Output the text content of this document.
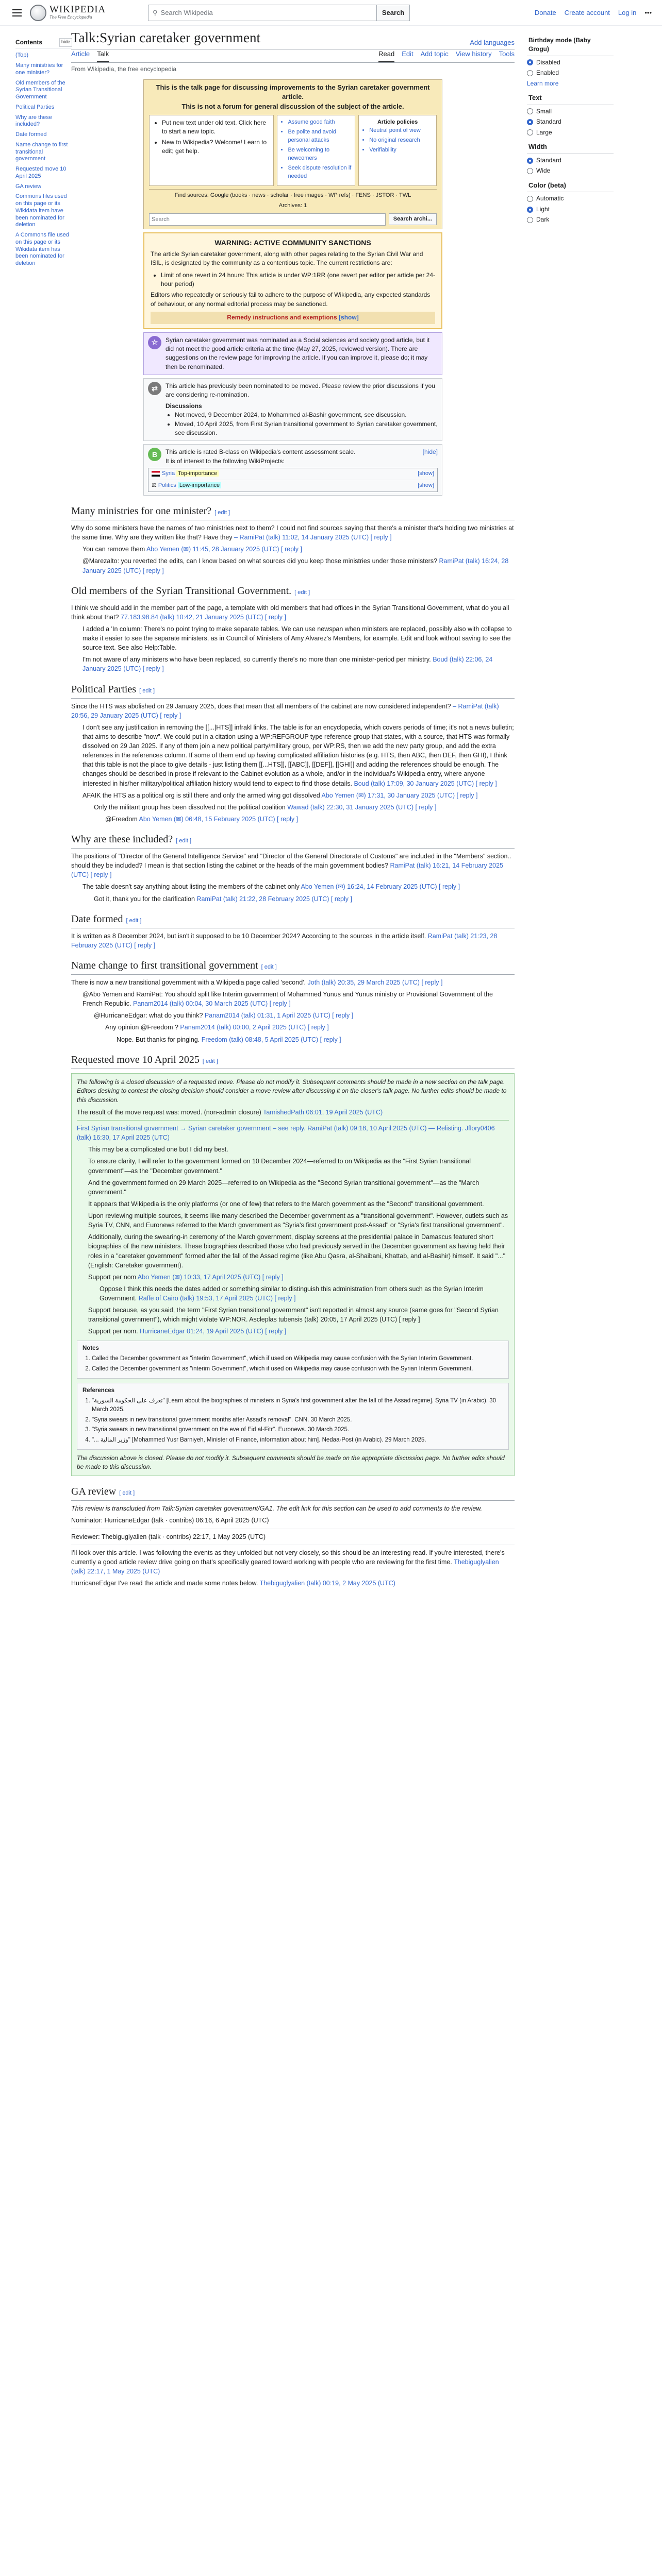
WIKIPEDIA
The Free Encyclopedia
⚲ Search Wikipedia	Search	Donate Create account Log in •••
Contents	hide
(Top)
Many ministries for one minister?
Old members of the Syrian Transitional Government
Political Parties
Why are these included?
Date formed
Name change to first transitional government
Requested move 10 April 2025
GA review
Commons files used on this page or its Wikidata item have been nominated for deletion
A Commons file used on this page or its Wikidata item has been nominated for deletion
Talk:Syrian caretaker government	Add languages
Article Talk	Read Edit Add topic View history Tools
From Wikipedia, the free encyclopedia
This is the talk page for discussing improvements to the Syrian caretaker government article.
This is not a forum for general discussion of the subject of the article.
• Put new text under old text. Click here to start a new topic.
• New to Wikipedia? Welcome! Learn to edit; get help.
• Assume good faith
• Be polite and avoid personal attacks
• Be welcoming to newcomers
• Seek dispute resolution if needed
Article policies
• Neutral point of view
• No original research
• Verifiability
Find sources: Google (books · news · scholar · free images · WP refs) · FENS · JSTOR · TWL
Archives: 1
Search	Search archi...
WARNING: ACTIVE COMMUNITY SANCTIONS

The article Syrian caretaker government, along with other pages relating to the Syrian Civil War and ISIL, is designated by the community as a contentious topic. The current restrictions are:

• Limit of one revert in 24 hours: This article is under WP:1RR (one revert per editor per article per 24-hour period)

Editors who repeatedly or seriously fail to adhere to the purpose of Wikipedia, any expected standards of behaviour, or any normal editorial process may be sanctioned.

Remedy instructions and exemptions [show]
☆	Syrian caretaker government was nominated as a Social sciences and society good article, but it did not meet the good article criteria at the time (May 27, 2025, reviewed version). There are suggestions on the review page for improving the article. If you can improve it, please do; it may then be renominated.
⇄	This article has previously been nominated to be moved. Please review the prior discussions if you are considering re-nomination.
Discussions
• Not moved, 9 December 2024, to Mohammed al-Bashir government, see discussion.
• Moved, 10 April 2025, from First Syrian transitional government to Syrian caretaker government, see discussion.
B	This article is rated B-class on Wikipedia's content assessment scale.
It is of interest to the following WikiProjects:
[hide]
Syria Top-importance	[show]
⚖ Politics Low-importance	[show]
Many ministries for one minister? [ edit ]
Why do some ministers have the names of two ministries next to them? I could not find sources saying that there's a minister that's holding two ministries at the same time. Why are they written like that? Have they – RamiPat (talk) 11:02, 14 January 2025 (UTC) [ reply ]
You can remove them Abo Yemen (✉) 11:45, 28 January 2025 (UTC) [ reply ]
@Marezalto: you reverted the edits, can I know based on what sources did you keep those ministries under those ministers? RamiPat (talk) 16:24, 28 January 2025 (UTC) [ reply ]
Old members of the Syrian Transitional Government. [ edit ]
I think we should add in the member part of the page, a template with old members that had offices in the Syrian Transitional Government, what do you all think about that? 77.183.98.84 (talk) 10:42, 21 January 2025 (UTC) [ reply ]
I added a 'In column: There's no point trying to make separate tables. We can use newspan when ministers are replaced, possibly also with collapse to make it easier to see the separate ministers, as in Council of Ministers of Amy Alvarez's Members, for example. Edit and look without saving to see the source text. See also Help:Table.
I'm not aware of any ministers who have been replaced, so currently there's no more than one minister-period per ministry. Boud (talk) 22:06, 24 January 2025 (UTC) [ reply ]
Political Parties [ edit ]
Since the HTS was abolished on 29 January 2025, does that mean that all members of the cabinet are now considered independent? – RamiPat (talk) 20:56, 29 January 2025 (UTC) [ reply ]
I don't see any justification in removing the [[...|HTS]] infrakl links. The table is for an encyclopedia, which covers periods of time; it's not a news bulletin; that aims to describe "now". We could put in a citation using a WP:REFGROUP type reference group that states, with a source, that HTS was formally dissolved on 29 Jan 2025. If any of them join a new political party/military group, per WP:RS, then we add the new party group, and add the extra references in the references column. If some of them end up having complicated affiliation histories (e.g. HTS, then ABC, then DEF, then GHI), I think that this table is not the place to give details - just listing them [[...HTS]], [[ABC]], [[DEF]], [[GHI]] and adding the references should be enough. The changes should be described in prose if relevant to the Cabinet evolution as a whole, and/or in the individual's Wikipedia entry, where anyone interested in his/her military/political affiliation history would tend to expect to find those details. Boud (talk) 17:09, 30 January 2025 (UTC) [ reply ]
AFAIK the HTS as a political org is still there and only the armed wing got dissolved Abo Yemen (✉) 17:31, 30 January 2025 (UTC) [ reply ]
Only the militant group has been dissolved not the political coalition Wawad (talk) 22:30, 31 January 2025 (UTC) [ reply ]
@Freedom Abo Yemen (✉) 06:48, 15 February 2025 (UTC) [ reply ]
Why are these included? [ edit ]
The positions of "Director of the General Intelligence Service" and "Director of the General Directorate of Customs" are included in the "Members" section.. should they be included? I mean is that section listing the cabinet or the heads of the main government bodies? RamiPat (talk) 16:21, 14 February 2025 (UTC) [ reply ]
The table doesn't say anything about listing the members of the cabinet only Abo Yemen (✉) 16:24, 14 February 2025 (UTC) [ reply ]
Got it, thank you for the clarification RamiPat (talk) 21:22, 28 February 2025 (UTC) [ reply ]
Date formed [ edit ]
It is written as 8 December 2024, but isn't it supposed to be 10 December 2024? According to the sources in the article itself. RamiPat (talk) 21:23, 28 February 2025 (UTC) [ reply ]
Name change to first transitional government [ edit ]
There is now a new transitional government with a Wikipedia page called 'second'. Joth (talk) 20:35, 29 March 2025 (UTC) [ reply ]
@Abo Yemen and RamiPat: You should split like Interim government of Mohammed Yunus and Yunus ministry or Provisional Government of the French Republic. Panam2014 (talk) 00:04, 30 March 2025 (UTC) [ reply ]
@HurricaneEdgar: what do you think? Panam2014 (talk) 01:31, 1 April 2025 (UTC) [ reply ]
Any opinion @Freedom ? Panam2014 (talk) 00:00, 2 April 2025 (UTC) [ reply ]
Nope. But thanks for pinging. Freedom (talk) 08:48, 5 April 2025 (UTC) [ reply ]
Requested move 10 April 2025 [ edit ]
The following is a closed discussion of a requested move. Please do not modify it. Subsequent comments should be made in a new section on the talk page. Editors desiring to contest the closing decision should consider a move review after discussing it on the closer's talk page. No further edits should be made to this discussion.
The result of the move request was: moved. (non-admin closure) TarnishedPath 06:01, 19 April 2025 (UTC)
First Syrian transitional government → Syrian caretaker government – see reply. RamiPat (talk) 09:18, 10 April 2025 (UTC) — Relisting. Jflory0406 (talk) 16:30, 17 April 2025 (UTC)
This may be a complicated one but I did my best.
To ensure clarity, I will refer to the government formed on 10 December 2024—referred to on Wikipedia as the "First Syrian transitional government"—as the "December government."
And the government formed on 29 March 2025—referred to on Wikipedia as the "Second Syrian transitional government"—as the "March government."
It appears that Wikipedia is the only platforms (or one of few) that refers to the March government as the "Second" transitional government.
Upon reviewing multiple sources, it seems like many described the December government as a "transitional government". However, outlets such as Syria TV, CNN, and Euronews referred to the March government as "Syria's first government post-Assad" or "Syria's first transitional government".
Additionally, during the swearing-in ceremony of the March government, display screens at the presidential palace in Damascus featured short biographies of the new ministers. These biographies described those who had previously served in the December government as having held their roles in a "caretaker government" formed after the fall of the Assad regime (like Abu Qasra, al-Shaibani, Khattab, and al-Bashir) himself. It said "..." (English: Caretaker government).
Support per nom Abo Yemen (✉) 10:33, 17 April 2025 (UTC) [ reply ]
Oppose I think this needs the dates added or something similar to distinguish this administration from others such as the Syrian Interim Government. Raffe of Cairo (talk) 19:53, 17 April 2025 (UTC) [ reply ]
Support because, as you said, the term "First Syrian transitional government" isn't reported in almost any source (same goes for "Second Syrian transitional government"), which might violate WP:NOR. Ascleplas tubensis (talk) 20:05, 17 April 2025 (UTC) [ reply ]
Support per nom. HurricaneEdgar 01:24, 19 April 2025 (UTC) [ reply ]
Notes
1. Called the December government as "interim Government", which if used on Wikipedia may cause confusion with the Syrian Interim Government.
2. Called the December government as "interim Government", which if used on Wikipedia may cause confusion with the Syrian Interim Government.
References
1. "تعرف على الحكومة السورية" [Learn about the biographies of ministers in Syria's first government after the fall of the Assad regime]. Syria TV (in Arabic). 30 March 2025.
2. "Syria swears in new transitional government months after Assad's removal". CNN. 30 March 2025.
3. "Syria swears in new transitional government on the eve of Eid al-Fitr". Euronews. 30 March 2025.
4. "... وزير المالية" [Mohammed Yusr Barniyeh, Minister of Finance, information about him]. Nedaa-Post (in Arabic). 29 March 2025.
The discussion above is closed. Please do not modify it. Subsequent comments should be made on the appropriate discussion page. No further edits should be made to this discussion.
GA review [ edit ]
This review is transcluded from Talk:Syrian caretaker government/GA1. The edit link for this section can be used to add comments to the review.
Nominator: HurricaneEdgar (talk · contribs) 06:16, 6 April 2025 (UTC)
Reviewer: Thebiguglyalien (talk · contribs) 22:17, 1 May 2025 (UTC)
I'll look over this article. I was following the events as they unfolded but not very closely, so this should be an interesting read. If you're interested, there's currently a good article review drive going on that's specifically geared toward working with people who are reviewing for the first time. Thebiguglyalien (talk) 22:17, 1 May 2025 (UTC)
HurricaneEdgar I've read the article and made some notes below. Thebiguglyalien (talk) 00:19, 2 May 2025 (UTC)
Birthday mode (Baby Grogu)
Disabled
Enabled
Learn more
Text
Small
Standard
Large
Width
Standard
Wide
Color (beta)
Automatic
Light
Dark
